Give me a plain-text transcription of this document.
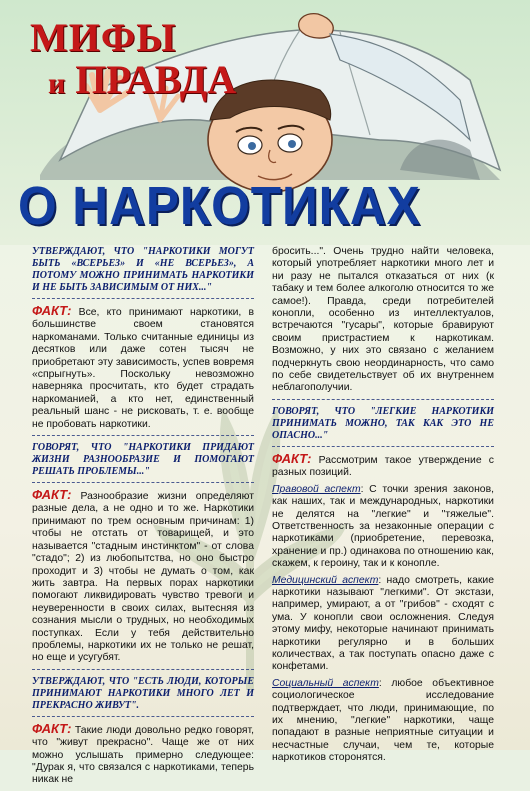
МИФЫ
и ПРАВДА
О НАРКОТИКАХ

УТВЕРЖДАЮТ, ЧТО "НАРКОТИКИ МОГУТ БЫТЬ «ВСЕРЬЕЗ» И «НЕ ВСЕРЬЕЗ», А ПОТОМУ МОЖНО ПРИНИМАТЬ НАРКОТИКИ И НЕ БЫТЬ ЗАВИСИМЫМ ОТ НИХ..."

ФАКТ: Все, кто принимают наркотики, в большинстве своем становятся наркоманами. Только считанные единицы из десятков или даже сотен тысяч не приобретают эту зависимость, успев вовремя «спрыгнуть». Поскольку невозможно наверняка просчитать, кто будет страдать наркоманией, а кто нет, единственный реальный шанс - не рисковать, т. е. вообще не пробовать наркотики.

ГОВОРЯТ, ЧТО "НАРКОТИКИ ПРИДАЮТ ЖИЗНИ РАЗНООБРАЗИЕ И ПОМОГАЮТ РЕШАТЬ ПРОБЛЕМЫ..."

ФАКТ: Разнообразие жизни определяют разные дела, а не одно и то же. Наркотики принимают по трем основным причинам: 1) чтобы не отстать от товарищей, и это называется "стадным инстинктом" - от слова "стадо"; 2) из любопытства, но оно быстро проходит и 3) чтобы не думать о том, как жить завтра. На первых порах наркотики помогают ликвидировать чувство тревоги и неуверенности в своих силах, вытесняя из сознания мысли о трудных, но необходимых поступках. Если у тебя действительно проблемы, наркотики их не только не решат, но еще и усугубят.

УТВЕРЖДАЮТ, ЧТО "ЕСТЬ ЛЮДИ, КОТОРЫЕ ПРИНИМАЮТ НАРКОТИКИ МНОГО ЛЕТ И ПРЕКРАСНО ЖИВУТ".

ФАКТ: Такие люди довольно редко говорят, что "живут прекрасно". Чаще же от них можно услышать примерно следующее: "Дурак я, что связался с наркотиками, теперь никак не

бросить...". Очень трудно найти человека, который употребляет наркотики много лет и ни разу не пытался отказаться от них (к табаку и тем более алкоголю относится то же самое!). Правда, среди потребителей конопли, особенно из интеллектуалов, встречаются "гусары", которые бравируют своим пристрастием к наркотикам. Возможно, у них это связано с желанием подчеркнуть свою неординарность, что само по себе свидетельствует об их внутреннем неблагополучии.

ГОВОРЯТ, ЧТО "ЛЕГКИЕ НАРКОТИКИ ПРИНИМАТЬ МОЖНО, ТАК КАК ЭТО НЕ ОПАСНО..."

ФАКТ: Рассмотрим такое утверждение с разных позиций.

Правовой аспект: С точки зрения законов, как наших, так и международных, наркотики не делятся на "легкие" и "тяжелые". Ответственность за незаконные операции с наркотиками (приобретение, перевозка, хранение и пр.) одинакова по отношению как, скажем, к героину, так и к конопле.

Медицинский аспект: надо смотреть, какие наркотики называют "легкими". От экстази, например, умирают, а от "грибов" - сходят с ума. У конопли свои осложнения. Следуя этому мифу, некоторые начинают принимать наркотики регулярно и в больших количествах, а так поступать опасно даже с конфетами.

Социальный аспект: любое объективное социологическое исследование подтверждает, что люди, принимающие, по их мнению, "легкие" наркотики, чаще попадают в разные неприятные ситуации и несчастные случаи, чем те, которые наркотиков сторонятся.
